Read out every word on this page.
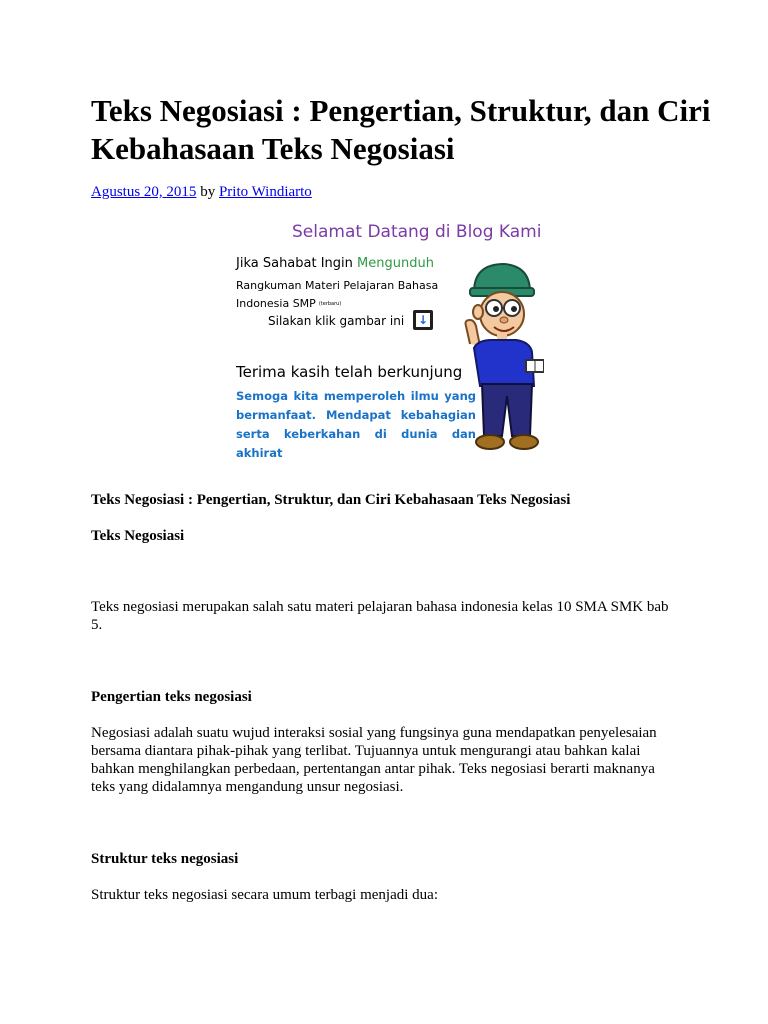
Teks Negosiasi : Pengertian, Struktur, dan Ciri Kebahasaan Teks Negosiasi

Agustus 20, 2015 by Prito Windiarto

Selamat Datang di Blog Kami
Jika Sahabat Ingin Mengunduh
Rangkuman Materi Pelajaran Bahasa
Indonesia SMP (terbaru)
Silakan klik gambar ini ↓
Terima kasih telah berkunjung
Semoga kita memperoleh ilmu yang bermanfaat. Mendapat kebahagian serta keberkahan di dunia dan akhirat

Teks Negosiasi : Pengertian, Struktur, dan Ciri Kebahasaan Teks Negosiasi

Teks Negosiasi

Teks negosiasi merupakan salah satu materi pelajaran bahasa indonesia kelas 10 SMA SMK bab 5.

Pengertian teks negosiasi

Negosiasi adalah suatu wujud interaksi sosial yang fungsinya guna mendapatkan penyelesaian bersama diantara pihak-pihak yang terlibat. Tujuannya untuk mengurangi atau bahkan kalai bahkan menghilangkan perbedaan, pertentangan antar pihak. Teks negosiasi berarti maknanya teks yang didalamnya mengandung unsur negosiasi.

Struktur teks negosiasi

Struktur teks negosiasi secara umum terbagi menjadi dua:
